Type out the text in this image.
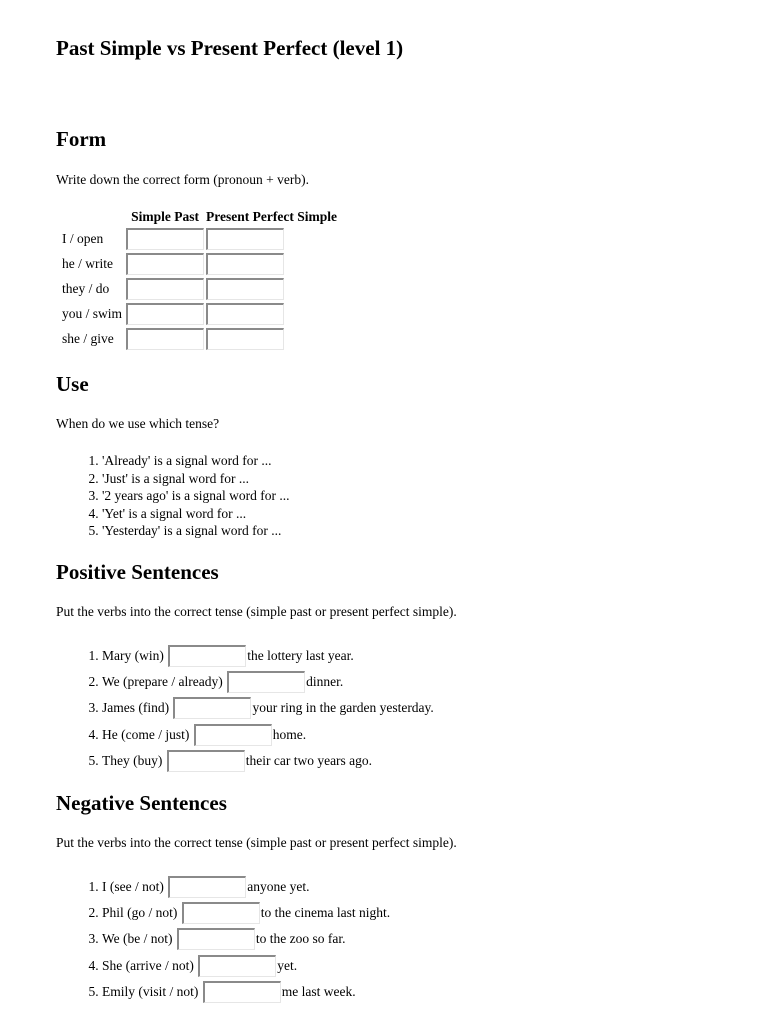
Past Simple vs Present Perfect (level 1)
Form

Write down the correct form (pronoun + verb).

	Simple Past	Present Perfect Simple
I / open		
he / write		
they / do		
you / swim		
she / give		
Use

When do we use which tense?

1. 'Already' is a signal word for ...
2. 'Just' is a signal word for ...
3. '2 years ago' is a signal word for ...
4. 'Yet' is a signal word for ...
5. 'Yesterday' is a signal word for ...
Positive Sentences

Put the verbs into the correct tense (simple past or present perfect simple).

1. Mary (win)	the lottery last year.
2. We (prepare / already)	dinner.
3. James (find)	your ring in the garden yesterday.
4. He (come / just)	home.
5. They (buy)	their car two years ago.
Negative Sentences

Put the verbs into the correct tense (simple past or present perfect simple).

1. I (see / not)	anyone yet.
2. Phil (go / not)	to the cinema last night.
3. We (be / not)	to the zoo so far.
4. She (arrive / not)	yet.
5. Emily (visit / not)	me last week.
